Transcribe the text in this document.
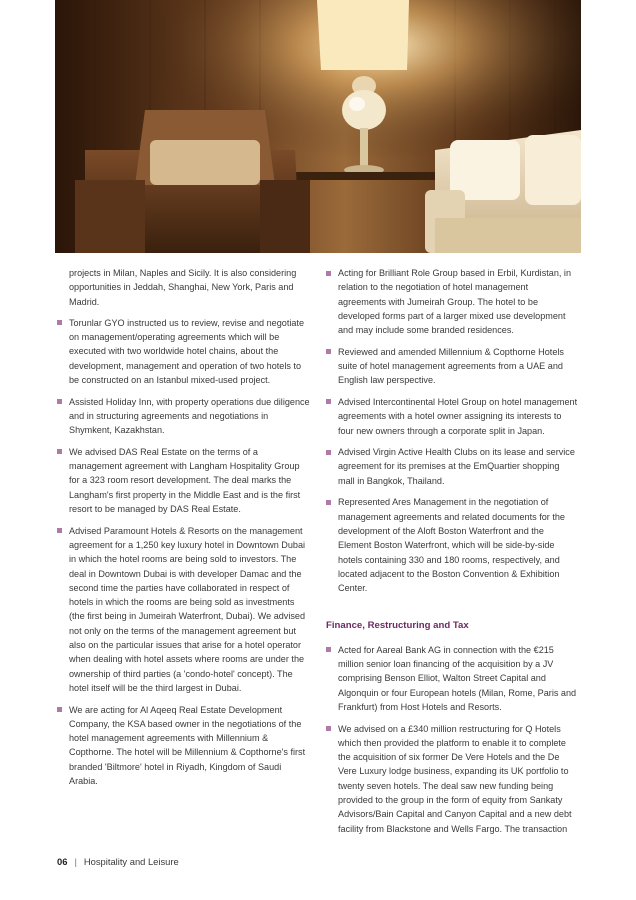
projects in Milan, Naples and Sicily. It is also considering opportunities in Jeddah, Shanghai, New York, Paris and Madrid.

Torunlar GYO instructed us to review, revise and negotiate on management/operating agreements which will be executed with two worldwide hotel chains, about the development, management and operation of two hotels to be constructed on an Istanbul mixed-used project.
Assisted Holiday Inn, with property operations due diligence and in structuring agreements and negotiations in Shymkent, Kazakhstan.
We advised DAS Real Estate on the terms of a management agreement with Langham Hospitality Group for a 323 room resort development. The deal marks the Langham's first property in the Middle East and is the first resort to be managed by DAS Real Estate.
Advised Paramount Hotels & Resorts on the management agreement for a 1,250 key luxury hotel in Downtown Dubai in which the hotel rooms are being sold to investors. The deal in Downtown Dubai is with developer Damac and the second time the parties have collaborated in respect of hotels in which the rooms are being sold as investments (the first being in Jumeirah Waterfront, Dubai). We advised not only on the terms of the management agreement but also on the particular issues that arise for a hotel operator when dealing with hotel assets where rooms are under the ownership of third parties (a 'condo-hotel' concept). The hotel itself will be the third largest in Dubai.
We are acting for Al Aqeeq Real Estate Development Company, the KSA based owner in the negotiations of the hotel management agreements with Millennium & Copthorne. The hotel will be Millennium & Copthorne's first branded 'Biltmore' hotel in Riyadh, Kingdom of Saudi Arabia.
Acting for Brilliant Role Group based in Erbil, Kurdistan, in relation to the negotiation of hotel management agreements with Jumeirah Group. The hotel to be developed forms part of a larger mixed use development and may include some branded residences.
Reviewed and amended Millennium & Copthorne Hotels suite of hotel management agreements from a UAE and English law perspective.
Advised Intercontinental Hotel Group on hotel management agreements with a hotel owner assigning its interests to four new owners through a corporate split in Japan.
Advised Virgin Active Health Clubs on its lease and service agreement for its premises at the EmQuartier shopping mall in Bangkok, Thailand.
Represented Ares Management in the negotiation of management agreements and related documents for the development of the Aloft Boston Waterfront and the Element Boston Waterfront, which will be side-by-side hotels containing 330 and 180 rooms, respectively, and located adjacent to the Boston Convention & Exhibition Center.
Finance, Restructuring and Tax
Acted for Aareal Bank AG in connection with the €215 million senior loan financing of the acquisition by a JV comprising Benson Elliot, Walton Street Capital and Algonquin or four European hotels (Milan, Rome, Paris and Frankfurt) from Host Hotels and Resorts.
We advised on a £340 million restructuring for Q Hotels which then provided the platform to enable it to complete the acquisition of six former De Vere Hotels and the De Vere Luxury lodge business, expanding its UK portfolio to twenty seven hotels. The deal saw new funding being provided to the group in the form of equity from Sankaty Advisors/Bain Capital and Canyon Capital and a new debt facility from Blackstone and Wells Fargo. The transaction
06 | Hospitality and Leisure
